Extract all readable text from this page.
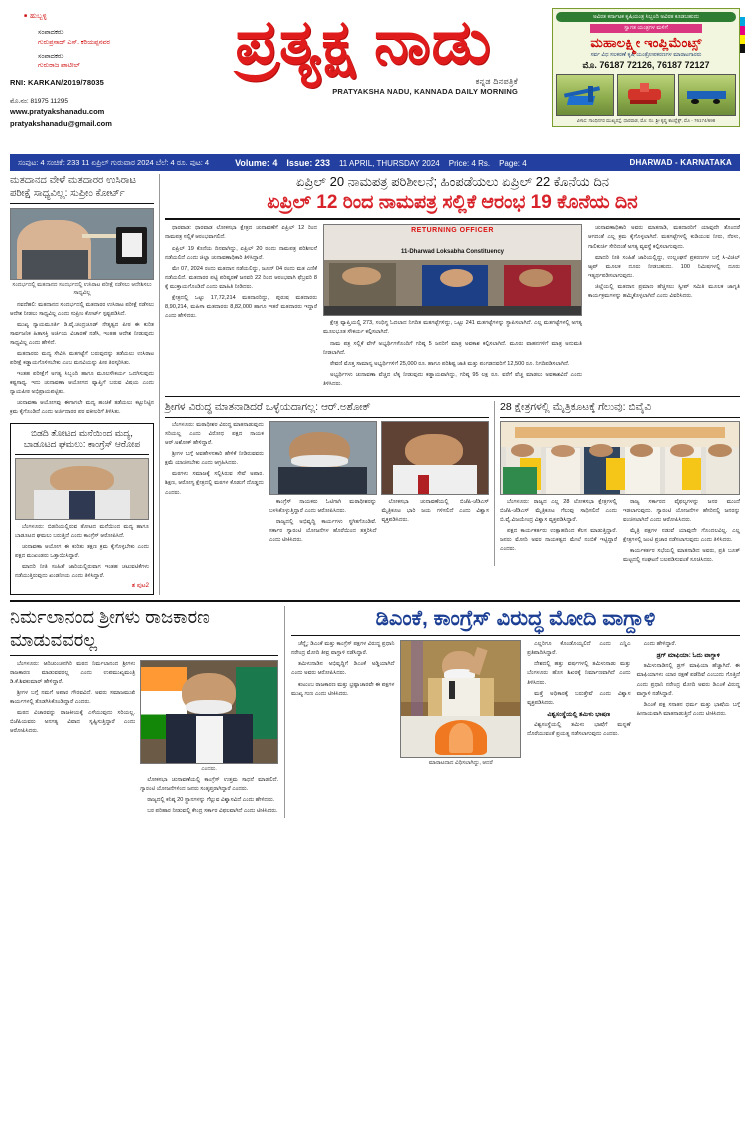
■ ಹುಬ್ಬಳ್ಳಿ
ಸಂಪಾದಕರು
ಗುರುಪ್ರಸಾದ್ ಎಸ್. ಕರಿಯಪ್ಪನವರ
ಸಂಪಾದಕರು
ಗುರುರಾಜ ಪಾಟೀಲ್
RNI: KARKAN/2019/78035
ಮೊ.ನಂ: 81975 11295
www.pratyakshanadu.com
pratyakshanadu@gmail.com
ಪ್ರತ್ಯಕ್ಷ ನಾಡು
ಕನ್ನಡ ದಿನಪತ್ರಿಕೆ
PRATYAKSHA NADU, KANNADA DAILY MORNING
ಅವಿರತ ಕರ್ನಾಟಕ ಕೃಷಿಯಂತ್ರ ಸಿಬ್ಬಂದಿ ಅವಿರತ ಕೂಡಬಹುದು
ಸ್ವಾಗತ ಯಂತ್ರಗಳ ಮಳಿಗೆ
ಮಹಾಲಕ್ಷ್ಮೀ ಇಂಪ್ಲಿಮೆಂಟ್ಸ್
ಸರ್ವ ವಿಧ ಸಲಕರಣೆ ಕೃಷಿ ಯಂತ್ರೋಪಕರಣಗಳ ಮಾರಾಟಗಾರರು
ಮೊ. 76187 72126, 76187 72127
ವಿಳಾಸ: ಗಾಂಧಿನಗರ ಮುಖ್ಯರಸ್ತೆ, ಧಾರವಾಡ, ಮೊ: ನಂ. ಶ್ರೀ ಕೃಷ್ಣ ಕಾಂಪ್ಲೆಕ್ಸ್, ಮೊ - 76174/698
ಸಂಪುಟ: 4 ಸಂಚಿಕೆ: 233 11 ಏಪ್ರಿಲ್ ಗುರುವಾರ 2024 ಬೆಲೆ: 4 ರೂ. ಪುಟ: 4	Volume: 4 Issue: 233 11 APRIL, THURSDAY 2024 Price: 4 Rs. Page: 4	DHARWAD - KARNATAKA
ಮತದಾನದ ವೇಳೆ ಮತದಾರರ ಉಸಿರಾಟ ಪರೀಕ್ಷೆ ಸಾಧ್ಯವಿಲ್ಲ: ಸುಪ್ರೀಂ ಕೋರ್ಟ್
ಸಂದರ್ಭದಲ್ಲಿ ಮತದಾನದ ಸಂದರ್ಭದಲ್ಲಿ ಉಸಿರಾಟ ಪರೀಕ್ಷೆ ನಡೆಸಲು ಆದೇಶಿಸಲು ಸಾಧ್ಯವಿಲ್ಲ

ನವದೆಹಲಿ: ಮತದಾನದ ಸಂದರ್ಭದಲ್ಲಿ ಮತದಾರರ ಉಸಿರಾಟ ಪರೀಕ್ಷೆ ನಡೆಸಲು ಆದೇಶ ನೀಡಲು ಸಾಧ್ಯವಿಲ್ಲ ಎಂದು ಸುಪ್ರೀಂ ಕೋರ್ಟ್ ಸ್ಪಷ್ಟಪಡಿಸಿದೆ.

ಮುಖ್ಯ ನ್ಯಾಯಮೂರ್ತಿ ಡಿ.ವೈ.ಚಂದ್ರಚೂಡ್ ನೇತೃತ್ವದ ಪೀಠ ಈ ಕುರಿತ ಸಾರ್ವಜನಿಕ ಹಿತಾಸಕ್ತಿ ಅರ್ಜಿಯ ವಿಚಾರಣೆ ನಡೆಸಿ, ಇಂತಹ ಆದೇಶ ನೀಡುವುದು ಸಾಧ್ಯವಿಲ್ಲ ಎಂದು ಹೇಳಿದೆ.

ಮತದಾರರು ಮದ್ಯ ಸೇವಿಸಿ ಮತಗಟ್ಟೆಗೆ ಬರುವುದನ್ನು ತಡೆಯಲು ಉಸಿರಾಟ ಪರೀಕ್ಷೆ ಕಡ್ಡಾಯಗೊಳಿಸಬೇಕು ಎಂಬ ಮನವಿಯನ್ನು ಪೀಠ ತಿರಸ್ಕರಿಸಿತು.

ಇಂತಹ ಪರೀಕ್ಷೆಗೆ ಅಗತ್ಯ ಸಿಬ್ಬಂದಿ ಹಾಗೂ ಮೂಲಸೌಕರ್ಯ ಒದಗಿಸುವುದು ಕಷ್ಟಸಾಧ್ಯ. ಇದು ಚುನಾವಣಾ ಆಯೋಗದ ವ್ಯಾಪ್ತಿಗೆ ಬರುವ ವಿಷಯ ಎಂದು ನ್ಯಾಯಪೀಠ ಅಭಿಪ್ರಾಯಪಟ್ಟಿತು.

ಚುನಾವಣಾ ಆಯೋಗವು ಈಗಾಗಲೇ ಮದ್ಯ ಹಂಚಿಕೆ ತಡೆಯಲು ಕಟ್ಟುನಿಟ್ಟಿನ ಕ್ರಮ ಕೈಗೊಂಡಿದೆ ಎಂದು ಅರ್ಜಿದಾರರ ಪರ ವಕೀಲರಿಗೆ ತಿಳಿಸಿತು.

ಬಿಡದಿ ತೋಟದ ಮನೆಯಿಂದ ಮದ್ಯ, ಬಾಡೂಟದ ಘಮಲು: ಕಾಂಗ್ರೆಸ್ ಆರೋಪ

ಬೆಂಗಳೂರು: ಬಿಡದಿಯಲ್ಲಿರುವ ತೋಟದ ಮನೆಯಿಂದ ಮದ್ಯ ಹಾಗೂ ಬಾಡೂಟದ ಘಮಲು ಬರುತ್ತಿದೆ ಎಂದು ಕಾಂಗ್ರೆಸ್ ಆರೋಪಿಸಿದೆ.

ಚುನಾವಣಾ ಆಯೋಗ ಈ ಕುರಿತು ತಕ್ಷಣ ಕ್ರಮ ಕೈಗೊಳ್ಳಬೇಕು ಎಂದು ಪಕ್ಷದ ಮುಖಂಡರು ಒತ್ತಾಯಿಸಿದ್ದಾರೆ.

ಮಾದರಿ ನೀತಿ ಸಂಹಿತೆ ಜಾರಿಯಲ್ಲಿರುವಾಗ ಇಂತಹ ಚಟುವಟಿಕೆಗಳು ನಡೆಯುತ್ತಿರುವುದು ಖಂಡನೀಯ ಎಂದು ತಿಳಿಸಿದ್ದಾರೆ.

ಶ ಪುಟ2
ಏಪ್ರಿಲ್ 20 ನಾಮಪತ್ರ ಪರಿಶೀಲನೆ; ಹಿಂಪಡೆಯಲು ಏಪ್ರಿಲ್ 22 ಕೊನೆಯ ದಿನ
ಏಪ್ರಿಲ್ 12 ರಿಂದ ನಾಮಪತ್ರ ಸಲ್ಲಿಕೆ ಆರಂಭ 19 ಕೊನೆಯ ದಿನ

ಧಾರವಾಡ: ಧಾರವಾಡ ಲೋಕಸಭಾ ಕ್ಷೇತ್ರದ ಚುನಾವಣೆಗೆ ಏಪ್ರಿಲ್ 12 ರಿಂದ ನಾಮಪತ್ರ ಸಲ್ಲಿಕೆ ಆರಂಭವಾಗಲಿದೆ.

ಏಪ್ರಿಲ್ 19 ಕೊನೆಯ ದಿನವಾಗಿದ್ದು, ಏಪ್ರಿಲ್ 20 ರಂದು ನಾಮಪತ್ರ ಪರಿಶೀಲನೆ ನಡೆಯಲಿದೆ ಎಂದು ಜಿಲ್ಲಾ ಚುನಾವಣಾಧಿಕಾರಿ ತಿಳಿಸಿದ್ದಾರೆ.

ಮೇ 07, 2024 ರಂದು ಮತದಾನ ನಡೆಯಲಿದ್ದು, ಜೂನ್ 04 ರಂದು ಮತ ಎಣಿಕೆ ನಡೆಯಲಿದೆ. ಮತದಾರರ ಪಟ್ಟಿ ಪರಿಷ್ಕರಣೆ ಜನವರಿ 22 ರಿಂದ ಆರಂಭವಾಗಿ ಫೆಬ್ರವರಿ 8 ಕ್ಕೆ ಮುಕ್ತಾಯಗೊಂಡಿದೆ ಎಂದು ಮಾಹಿತಿ ನೀಡಿದರು.

ಕ್ಷೇತ್ರದಲ್ಲಿ ಒಟ್ಟು 17,72,214 ಮತದಾರರಿದ್ದು, ಪುರುಷ ಮತದಾರರು 8,90,214, ಮಹಿಳಾ ಮತದಾರರು 8,82,000 ಹಾಗೂ ಇತರೆ ಮತದಾರರು ಇದ್ದಾರೆ ಎಂದು ಹೇಳಿದರು.

RETURNING OFFICER
11-Dharwad Loksabha Constituency

ಕ್ಷೇತ್ರ ವ್ಯಾಪ್ತಿಯಲ್ಲಿ 273, ಸಂಧಿಗ್ಧ ಓದಲಾದ ನಿಗದಿತ ಮತಗಟ್ಟೆಗಳಿದ್ದು, ಒಟ್ಟು 241 ಮತಗಟ್ಟೆಗಳನ್ನು ಸ್ಥಾಪಿಸಲಾಗಿದೆ. ಎಲ್ಲ ಮತಗಟ್ಟೆಗಳಲ್ಲಿ ಅಗತ್ಯ ಮೂಲಭೂತ ಸೌಕರ್ಯ ಕಲ್ಪಿಸಲಾಗಿದೆ.

ನಾಮ ಪತ್ರ ಸಲ್ಲಿಕೆ ವೇಳೆ ಅಭ್ಯರ್ಥಿಗಳೊಂದಿಗೆ ಗರಿಷ್ಠ 5 ಜನರಿಗೆ ಮಾತ್ರ ಅವಕಾಶ ಕಲ್ಪಿಸಲಾಗಿದೆ. ಮೂರು ವಾಹನಗಳಿಗೆ ಮಾತ್ರ ಅನುಮತಿ ನೀಡಲಾಗಿದೆ.

ಠೇವಣಿ ಮೊತ್ತ ಸಾಮಾನ್ಯ ಅಭ್ಯರ್ಥಿಗಳಿಗೆ 25,000 ರೂ. ಹಾಗೂ ಪರಿಶಿಷ್ಟ ಜಾತಿ ಮತ್ತು ಪಂಗಡದವರಿಗೆ 12,500 ರೂ. ನಿಗದಿಪಡಿಸಲಾಗಿದೆ.

ಅಭ್ಯರ್ಥಿಗಳು ಚುನಾವಣಾ ವೆಚ್ಚದ ಲೆಕ್ಕ ನೀಡುವುದು ಕಡ್ಡಾಯವಾಗಿದ್ದು, ಗರಿಷ್ಠ 95 ಲಕ್ಷ ರೂ. ವರೆಗೆ ವೆಚ್ಚ ಮಾಡಲು ಅವಕಾಶವಿದೆ ಎಂದು ತಿಳಿಸಿದರು.

ಚುನಾವಣಾಧಿಕಾರಿ ಅವರು ಮಾತನಾಡಿ, ಮತದಾರರಿಗೆ ಯಾವುದೇ ತೊಂದರೆ ಆಗದಂತೆ ಎಲ್ಲ ಕ್ರಮ ಕೈಗೊಳ್ಳಲಾಗಿದೆ. ಮತಗಟ್ಟೆಗಳಲ್ಲಿ ಕುಡಿಯುವ ನೀರು, ನೆರಳು, ಗಾಲಿಕುರ್ಚಿ ಸೇರಿದಂತೆ ಅಗತ್ಯ ವ್ಯವಸ್ಥೆ ಕಲ್ಪಿಸಲಾಗುವುದು.

ಮಾದರಿ ನೀತಿ ಸಂಹಿತೆ ಜಾರಿಯಲ್ಲಿದ್ದು, ಉಲ್ಲಂಘನೆ ಪ್ರಕರಣಗಳ ಬಗ್ಗೆ ಸಿ-ವಿಜಿಲ್ ಆ್ಯಪ್ ಮೂಲಕ ದೂರು ನೀಡಬಹುದು. 100 ನಿಮಿಷಗಳಲ್ಲಿ ದೂರು ಇತ್ಯರ್ಥಪಡಿಸಲಾಗುವುದು.

ಜಿಲ್ಲೆಯಲ್ಲಿ ಮತದಾನ ಪ್ರಮಾಣ ಹೆಚ್ಚಿಸಲು ಸ್ವೀಪ್ ಸಮಿತಿ ಮೂಲಕ ಜಾಗೃತಿ ಕಾರ್ಯಕ್ರಮಗಳನ್ನು ಹಮ್ಮಿಕೊಳ್ಳಲಾಗಿದೆ ಎಂದು ವಿವರಿಸಿದರು.

ಶ್ರೀಗಳ ವಿರುದ್ಧ ಮಾತನಾಡಿದರೆ ಒಳ್ಳೆಯದಾಗಲ್ಲ: ಆರ್.ಅಶೋಕ್

ಬೆಂಗಳೂರು: ಮಠಾಧೀಶರ ವಿರುದ್ಧ ಮಾತನಾಡುವುದು ಸರಿಯಲ್ಲ ಎಂದು ವಿರೋಧ ಪಕ್ಷದ ನಾಯಕ ಆರ್.ಅಶೋಕ್ ಹೇಳಿದ್ದಾರೆ.

ಶ್ರೀಗಳ ಬಗ್ಗೆ ಅವಹೇಳನಕಾರಿ ಹೇಳಿಕೆ ನೀಡಿರುವವರು ಕ್ಷಮೆ ಯಾಚಿಸಬೇಕು ಎಂದು ಆಗ್ರಹಿಸಿದರು.

ಮಠಗಳು ಸಮಾಜಕ್ಕೆ ಸಲ್ಲಿಸಿರುವ ಸೇವೆ ಅಪಾರ. ಶಿಕ್ಷಣ, ಆರೋಗ್ಯ ಕ್ಷೇತ್ರದಲ್ಲಿ ಮಠಗಳ ಕೊಡುಗೆ ದೊಡ್ಡದು ಎಂದರು.

ಕಾಂಗ್ರೆಸ್ ನಾಯಕರು ಓಟಿಗಾಗಿ ಮಠಾಧೀಶರನ್ನು ಬಳಸಿಕೊಳ್ಳುತ್ತಿದ್ದಾರೆ ಎಂದು ಆರೋಪಿಸಿದರು.

ರಾಜ್ಯದಲ್ಲಿ ಅಭಿವೃದ್ಧಿ ಕಾರ್ಯಗಳು ಸ್ಥಗಿತಗೊಂಡಿವೆ. ಸರ್ಕಾರ ಗ್ಯಾರಂಟಿ ಯೋಜನೆಗಳ ಹೊರೆಯಿಂದ ತತ್ತರಿಸಿದೆ ಎಂದು ಟೀಕಿಸಿದರು.

ಲೋಕಸಭಾ ಚುನಾವಣೆಯಲ್ಲಿ ಬಿಜೆಪಿ-ಜೆಡಿಎಸ್ ಮೈತ್ರಿಕೂಟ ಭಾರಿ ಜಯ ಗಳಿಸಲಿದೆ ಎಂದು ವಿಶ್ವಾಸ ವ್ಯಕ್ತಪಡಿಸಿದರು.

28 ಕ್ಷೇತ್ರಗಳಲ್ಲಿ ಮೈತ್ರಿಕೂಟಕ್ಕೆ ಗೆಲುವು: ಬಿವೈವಿ

ಬೆಂಗಳೂರು: ರಾಜ್ಯದ ಎಲ್ಲ 28 ಲೋಕಸಭಾ ಕ್ಷೇತ್ರಗಳಲ್ಲಿ ಬಿಜೆಪಿ-ಜೆಡಿಎಸ್ ಮೈತ್ರಿಕೂಟ ಗೆಲುವು ಸಾಧಿಸಲಿದೆ ಎಂದು ಬಿ.ವೈ.ವಿಜಯೇಂದ್ರ ವಿಶ್ವಾಸ ವ್ಯಕ್ತಪಡಿಸಿದ್ದಾರೆ.

ಪಕ್ಷದ ಕಾರ್ಯಕರ್ತರು ಉತ್ಸಾಹದಿಂದ ಕೆಲಸ ಮಾಡುತ್ತಿದ್ದಾರೆ. ಜನರು ಮೋದಿ ಅವರ ನಾಯಕತ್ವದ ಮೇಲೆ ನಂಬಿಕೆ ಇಟ್ಟಿದ್ದಾರೆ ಎಂದರು.

ರಾಜ್ಯ ಸರ್ಕಾರದ ವೈಫಲ್ಯಗಳನ್ನು ಜನರ ಮುಂದೆ ಇಡಲಾಗುವುದು. ಗ್ಯಾರಂಟಿ ಯೋಜನೆಗಳ ಹೆಸರಿನಲ್ಲಿ ಜನರನ್ನು ವಂಚಿಸಲಾಗಿದೆ ಎಂದು ಆರೋಪಿಸಿದರು.

ಮೈತ್ರಿ ಪಕ್ಷಗಳ ನಡುವೆ ಯಾವುದೇ ಗೊಂದಲವಿಲ್ಲ. ಎಲ್ಲ ಕ್ಷೇತ್ರಗಳಲ್ಲಿ ಜಂಟಿ ಪ್ರಚಾರ ನಡೆಸಲಾಗುವುದು ಎಂದು ತಿಳಿಸಿದರು.

ಕಾರ್ಯಕರ್ತರ ಸಭೆಯಲ್ಲಿ ಮಾತನಾಡಿದ ಅವರು, ಪ್ರತಿ ಬೂತ್ ಮಟ್ಟದಲ್ಲಿ ಸಂಘಟನೆ ಬಲಪಡಿಸುವಂತೆ ಸೂಚಿಸಿದರು.

ನಿರ್ಮಲಾನಂದ ಶ್ರೀಗಳು ರಾಜಕಾರಣ ಮಾಡುವವರಲ್ಲ

ಬೆಂಗಳೂರು: ಆದಿಚುಂಚನಗಿರಿ ಮಠದ ನಿರ್ಮಲಾನಂದ ಶ್ರೀಗಳು ರಾಜಕಾರಣ ಮಾಡುವವರಲ್ಲ ಎಂದು ಉಪಮುಖ್ಯಮಂತ್ರಿ ಡಿ.ಕೆ.ಶಿವಕುಮಾರ್ ಹೇಳಿದ್ದಾರೆ.

ಶ್ರೀಗಳ ಬಗ್ಗೆ ನಮಗೆ ಅಪಾರ ಗೌರವವಿದೆ. ಅವರು ಸಮಾಜಮುಖಿ ಕಾರ್ಯಗಳಲ್ಲಿ ತೊಡಗಿಸಿಕೊಂಡಿದ್ದಾರೆ ಎಂದರು.

ಮಠದ ವಿಚಾರವನ್ನು ರಾಜಕೀಯಕ್ಕೆ ಎಳೆಯುವುದು ಸರಿಯಲ್ಲ. ಬಿಜೆಪಿಯವರು ಅನಗತ್ಯ ವಿವಾದ ಸೃಷ್ಟಿಸುತ್ತಿದ್ದಾರೆ ಎಂದು ಆರೋಪಿಸಿದರು.

ಎಂದರು.

ಲೋಕಸಭಾ ಚುನಾವಣೆಯಲ್ಲಿ ಕಾಂಗ್ರೆಸ್ ಉತ್ತಮ ಸಾಧನೆ ಮಾಡಲಿದೆ. ಗ್ಯಾರಂಟಿ ಯೋಜನೆಗಳಿಂದ ಜನರು ಸಂತೃಪ್ತರಾಗಿದ್ದಾರೆ ಎಂದರು.

ರಾಜ್ಯದಲ್ಲಿ ಕನಿಷ್ಠ 20 ಸ್ಥಾನಗಳನ್ನು ಗೆಲ್ಲುವ ವಿಶ್ವಾಸವಿದೆ ಎಂದು ಹೇಳಿದರು.

ಬರ ಪರಿಹಾರ ನೀಡುವಲ್ಲಿ ಕೇಂದ್ರ ಸರ್ಕಾರ ವಿಫಲವಾಗಿದೆ ಎಂದು ಟೀಕಿಸಿದರು.

ಡಿಎಂಕೆ, ಕಾಂಗ್ರೆಸ್ ವಿರುದ್ಧ ಮೋದಿ ವಾಗ್ದಾಳಿ

ಚೆನ್ನೈ: ಡಿಎಂಕೆ ಮತ್ತು ಕಾಂಗ್ರೆಸ್ ಪಕ್ಷಗಳ ವಿರುದ್ಧ ಪ್ರಧಾನಿ ನರೇಂದ್ರ ಮೋದಿ ತೀವ್ರ ವಾಗ್ದಾಳಿ ನಡೆಸಿದ್ದಾರೆ.

ತಮಿಳುನಾಡಿನ ಅಭಿವೃದ್ಧಿಗೆ ಡಿಎಂಕೆ ಅಡ್ಡಿಯಾಗಿದೆ ಎಂದು ಅವರು ಆರೋಪಿಸಿದರು.

ಕುಟುಂಬ ರಾಜಕಾರಣ ಮತ್ತು ಭ್ರಷ್ಟಾಚಾರವೇ ಈ ಪಕ್ಷಗಳ ಮುಖ್ಯ ಗುಣ ಎಂದು ಟೀಕಿಸಿದರು.

ಮಾರಾಟದಾದ ವಿಧಿಸಲಾಗಿದ್ದು, ಆದರೆ

ಎಲ್ಲರಿಗೂ ಕೊಂಡೊಯ್ಯಲಿದೆ ಎಂದು ಎನ್ಡಿಎ ಪ್ರತಿಪಾದಿಸಿದ್ದಾರೆ.

ದೇಶದಲ್ಲಿ ಹತ್ತು ವರ್ಷಗಳಲ್ಲಿ ತಮಿಳುನಾಡು ಮತ್ತು ಬೆಂಗಳೂರು ಹೊಸ ಶಿಖರಕ್ಕೆ ನಿರ್ಮಾಣವಾಗಿದೆ ಎಂದು ತಿಳಿಸಿದರು.

ಮತ್ತೆ ಅಧಿಕಾರಕ್ಕೆ ಬರುತ್ತೇವೆ ಎಂದು ವಿಶ್ವಾಸ ವ್ಯಕ್ತಪಡಿಸಿದರು.

ವಿಶ್ವಸಂಸ್ಥೆಯಲ್ಲಿ ತಮಿಳು ಭಾಷಣ

ವಿಶ್ವಸಂಸ್ಥೆಯಲ್ಲಿ ತಮಿಳು ಭಾಷೆಗೆ ಮನ್ನಣೆ ದೊರೆಯುವಂತೆ ಪ್ರಯತ್ನ ನಡೆಸಲಾಗುವುದು ಎಂದರು.

ಎಂದು ಹೇಳಿದ್ದಾರೆ.

ಡ್ರಗ್ ಮಾಫಿಯಾ: ಓದು ವಾಗ್ದಾಳಿ

ತಮಿಳುನಾಡಿನಲ್ಲಿ ಡ್ರಗ್ ಮಾಫಿಯಾ ಹೆಚ್ಚಾಗಿದೆ. ಈ ಮಾಫಿಯಾಗಳು ಯಾರ ರಕ್ಷಣೆ ಪಡೆದಿವೆ ಎಂಬುದು ಗೊತ್ತಿದೆ ಎಂದು ಪ್ರಧಾನಿ ನರೇಂದ್ರ ಮೋದಿ ಅವರು ಡಿಎಂಕೆ ವಿರುದ್ಧ ವಾಗ್ದಾಳಿ ನಡೆಸಿದ್ದಾರೆ.

ಡಿಎಂಕೆ ಪಕ್ಷ ಸನಾತನ ಧರ್ಮ ಮತ್ತು ಭಾಷೆಯ ಬಗ್ಗೆ ಹೀನಾಯವಾಗಿ ಮಾತನಾಡುತ್ತಿದೆ ಎಂದು ಟೀಕಿಸಿದರು.
